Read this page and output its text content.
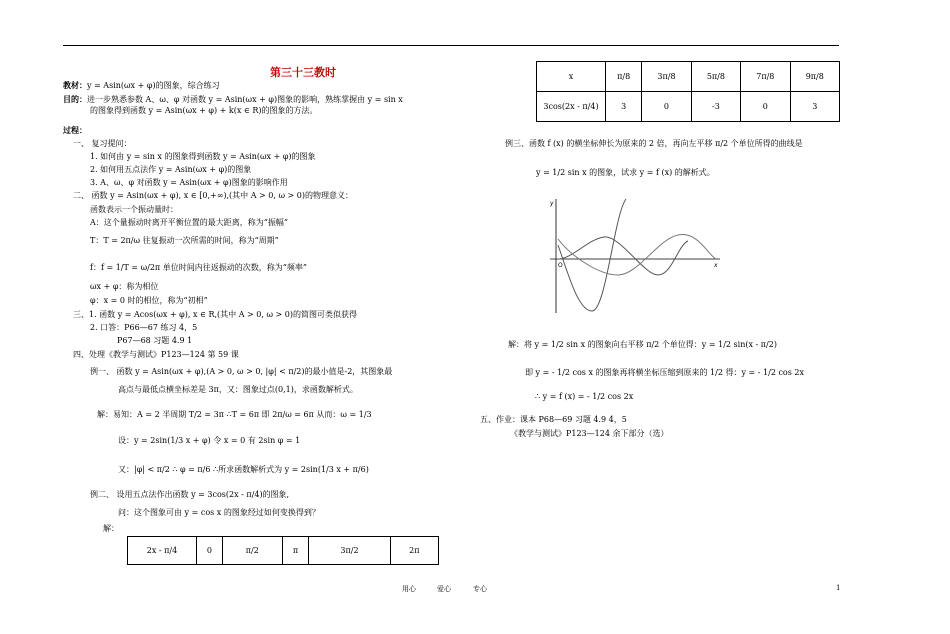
第三十三教时
教材：y = Asin(ωx + φ)的图象，综合练习
目的：进一步熟悉参数 A、ω、φ 对函数 y = Asin(ωx + φ)图象的影响，熟练掌握由 y = sin x
的图象得到函数 y = Asin(ωx + φ) + k(x ∈ R)的图象的方法。
过程：
一、 复习提问：
1. 如何由 y = sin x 的图象得到函数 y = Asin(ωx + φ)的图象
2. 如何用五点法作 y = Asin(ωx + φ)的图象
3. A、ω、φ 对函数 y = Asin(ωx + φ)图象的影响作用
二、 函数 y = Asin(ωx + φ), x ∈ [0,+∞),(其中 A > 0, ω > 0)的物理意义：
函数表示一个振动量时：
A：这个量振动时离开平衡位置的最大距离，称为“振幅”
T：T = 2π/ω 往复振动一次所需的时间，称为“周期”
f：f = 1/T = ω/2π 单位时间内往返振动的次数，称为“频率”
ωx + φ：称为相位
φ：x = 0 时的相位，称为“初相”
三、1. 函数 y = Acos(ωx + φ), x ∈ R,(其中 A > 0, ω > 0)的简图可类似获得
2. 口答：P66—67 练习 4，5
P67—68 习题 4.9 1
四、处理《教学与测试》P123—124 第 59 课
例一、 函数 y = Asin(ωx + φ),(A > 0, ω > 0, |φ| < π/2)的最小值是-2，其图象最
高点与最低点横坐标差是 3π，又：图象过点(0,1)，求函数解析式。
解：易知：A = 2 半周期 T/2 = 3π ∴T = 6π 即 2π/ω = 6π 从而：ω = 1/3
设：y = 2sin(1/3 x + φ) 令 x = 0 有 2sin φ = 1
又：|φ| < π/2 ∴ φ = π/6 ∴所求函数解析式为 y = 2sin(1/3 x + π/6)
例二、 设用五点法作出函数 y = 3cos(2x - π/4)的图象,
问：这个图象可由 y = cos x 的图象经过如何变换得到？
解：
2x - π/4	0	π/2	π	3π/2	2π
x	π/8	3π/8	5π/8	7π/8	9π/8
3cos(2x - π/4)	3	0	-3	0	3
例三、函数 f (x) 的横坐标伸长为原来的 2 倍，再向左平移 π/2 个单位所得的曲线是
y = 1/2 sin x 的图象，试求 y = f (x) 的解析式。
y
x
O
解：将 y = 1/2 sin x 的图象向右平移 π/2 个单位得：y = 1/2 sin(x - π/2)
即 y = - 1/2 cos x 的图象再将横坐标压缩到原来的 1/2 得：y = - 1/2 cos 2x
∴ y = f (x) = - 1/2 cos 2x
五、作业：课本 P68—69 习题 4.9 4，5
《教学与测试》P123—124 余下部分（选）
用心	爱心	专心	1
